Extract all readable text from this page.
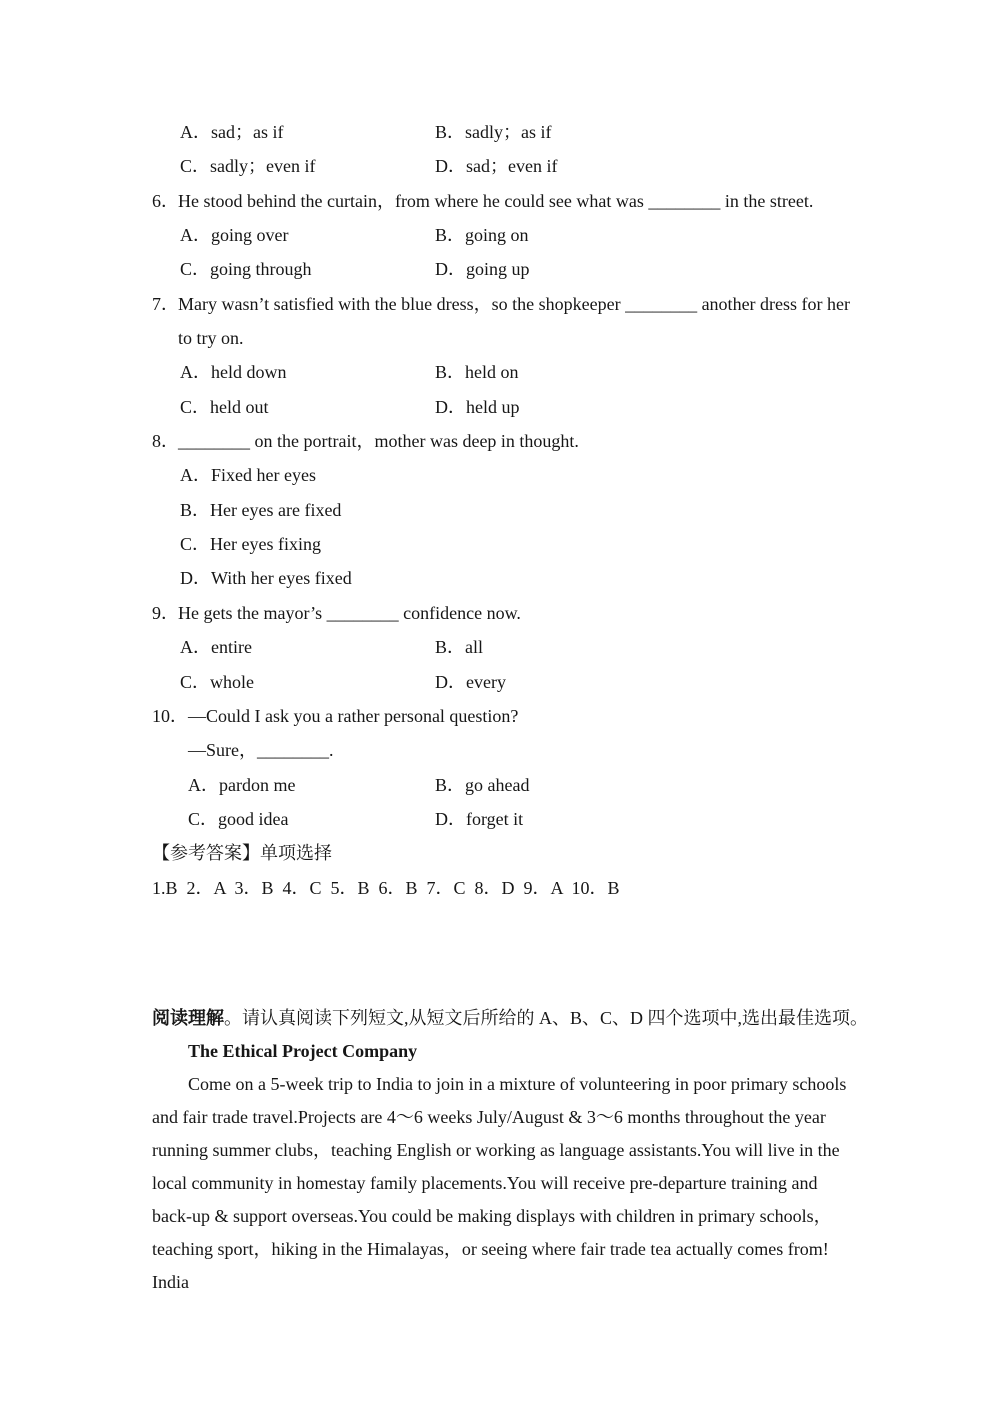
A．sad；as if	B．sadly；as if
C．sadly；even if	D．sad；even if
6．He stood behind the curtain，from where he could see what was ________ in the street.
A．going over	B．going on
C．going through	D．going up
7．Mary wasn’t satisfied with the blue dress，so the shopkeeper ________ another dress for her
to try on.
A．held down	B．held on
C．held out	D．held up
8．________ on the portrait，mother was deep in thought.
A．Fixed her eyes
B．Her eyes are fixed
C．Her eyes fixing
D．With her eyes fixed
9．He gets the mayor’s ________ confidence now.
A．entire	B．all
C．whole	D．every
10．—Could I ask you a rather personal question?
—Sure，________.
A．pardon me	B．go ahead
C．good idea	D．forget it
【参考答案】单项选择
1.B  2．A  3．B  4．C  5．B  6．B  7．C  8．D  9．A  10．B
阅读理解。请认真阅读下列短文,从短文后所给的 A、B、C、D 四个选项中,选出最佳选项。
The Ethical Project Company
Come on a 5-week trip to India to join in a mixture of volunteering in poor primary schools
and fair trade travel.Projects are 4～6 weeks July/August & 3～6 months throughout the year
running summer clubs，teaching English or working as language assistants.You will live in the
local community in homestay family placements.You will receive pre-departure training and
back-up & support overseas.You could be making displays with children in primary schools，
teaching sport，hiking in the Himalayas，or seeing where fair trade tea actually comes from!
India
